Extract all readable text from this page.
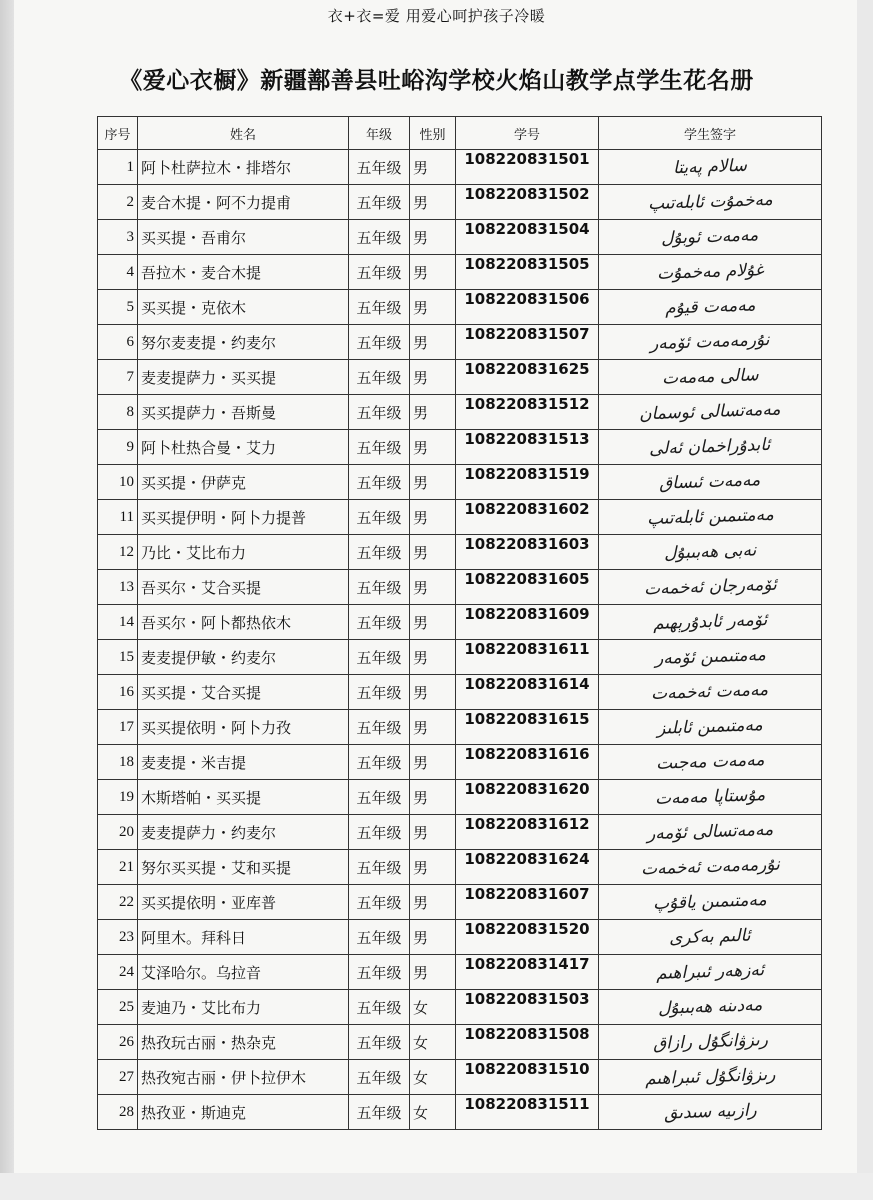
衣+衣=爱 用爱心呵护孩子冷暖
《爱心衣橱》新疆鄯善县吐峪沟学校火焰山教学点学生花名册
序号	姓名	年级	性别	学号	学生签字
1	阿卜杜萨拉木・排塔尔	五年级	男	108220831501	سالام پەيتا
2	麦合木提・阿不力提甫	五年级	男	108220831502	مەخمۇت ئابلەتىپ
3	买买提・吾甫尔	五年级	男	108220831504	مەمەت ئوبۇل
4	吾拉木・麦合木提	五年级	男	108220831505	غۇلام مەخمۇت
5	买买提・克依木	五年级	男	108220831506	مەمەت قيۇم
6	努尔麦麦提・约麦尔	五年级	男	108220831507	نۇرمەمەت ئۆمەر
7	麦麦提萨力・买买提	五年级	男	108220831625	سالى مەمەت
8	买买提萨力・吾斯曼	五年级	男	108220831512	مەمەتسالى ئوسمان
9	阿卜杜热合曼・艾力	五年级	男	108220831513	ئابدۇراخمان ئەلى
10	买买提・伊萨克	五年级	男	108220831519	مەمەت ئىساق
11	买买提伊明・阿卜力提普	五年级	男	108220831602	مەمتىمىن ئابلەتىپ
12	乃比・艾比布力	五年级	男	108220831603	نەبى ھەبىبۇل
13	吾买尔・艾合买提	五年级	男	108220831605	ئۆمەرجان ئەخمەت
14	吾买尔・阿卜都热依木	五年级	男	108220831609	ئۆمەر ئابدۇرېھىم
15	麦麦提伊敏・约麦尔	五年级	男	108220831611	مەمتىمىن ئۆمەر
16	买买提・艾合买提	五年级	男	108220831614	مەمەت ئەخمەت
17	买买提依明・阿卜力孜	五年级	男	108220831615	مەمتىمىن ئابلىز
18	麦麦提・米吉提	五年级	男	108220831616	مەمەت مەجىت
19	木斯塔帕・买买提	五年级	男	108220831620	مۇستاپا مەمەت
20	麦麦提萨力・约麦尔	五年级	男	108220831612	مەمەتسالى ئۆمەر
21	努尔买买提・艾和买提	五年级	男	108220831624	نۇرمەمەت ئەخمەت
22	买买提依明・亚库普	五年级	男	108220831607	مەمتىمىن ياقۇپ
23	阿里木。拜科日	五年级	男	108220831520	ئالىم بەكرى
24	艾泽哈尔。乌拉音	五年级	男	108220831417	ئەزھەر ئىبراھىم
25	麦迪乃・艾比布力	五年级	女	108220831503	مەدىنە ھەبىبۇل
26	热孜玩古丽・热杂克	五年级	女	108220831508	رىزۋانگۇل رازاق
27	热孜宛古丽・伊卜拉伊木	五年级	女	108220831510	رىزۋانگۇل ئىبراھىم
28	热孜亚・斯迪克	五年级	女	108220831511	رازىيە سىدىق
